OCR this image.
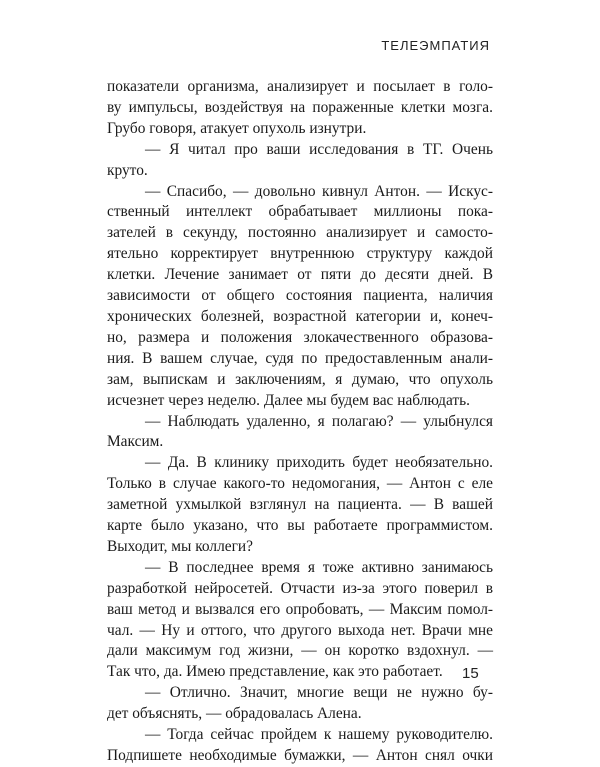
ТЕЛЕЭМПАТИЯ
показатели организма, анализирует и посылает в голо-
ву импульсы, воздействуя на пораженные клетки мозга.
Грубо говоря, атакует опухоль изнутри.
— Я читал про ваши исследования в ТГ. Очень
круто.
— Спасибо, — довольно кивнул Антон. — Искус-
ственный интеллект обрабатывает миллионы пока-
зателей в секунду, постоянно анализирует и самосто-
ятельно корректирует внутреннюю структуру каждой
клетки. Лечение занимает от пяти до десяти дней. В
зависимости от общего состояния пациента, наличия
хронических болезней, возрастной категории и, конеч-
но, размера и положения злокачественного образова-
ния. В вашем случае, судя по предоставленным анали-
зам, выпискам и заключениям, я думаю, что опухоль
исчезнет через неделю. Далее мы будем вас наблюдать.
— Наблюдать удаленно, я полагаю? — улыбнулся
Максим.
— Да. В клинику приходить будет необязательно.
Только в случае какого-то недомогания, — Антон с еле
заметной ухмылкой взглянул на пациента. — В вашей
карте было указано, что вы работаете программистом.
Выходит, мы коллеги?
— В последнее время я тоже активно занимаюсь
разработкой нейросетей. Отчасти из-за этого поверил в
ваш метод и вызвался его опробовать, — Максим помол-
чал. — Ну и оттого, что другого выхода нет. Врачи мне
дали максимум год жизни, — он коротко вздохнул. —
Так что, да. Имею представление, как это работает.
— Отлично. Значит, многие вещи не нужно бу-
дет объяснять, — обрадовалась Алена.
— Тогда сейчас пройдем к нашему руководителю.
Подпишете необходимые бумажки, — Антон снял очки
15
